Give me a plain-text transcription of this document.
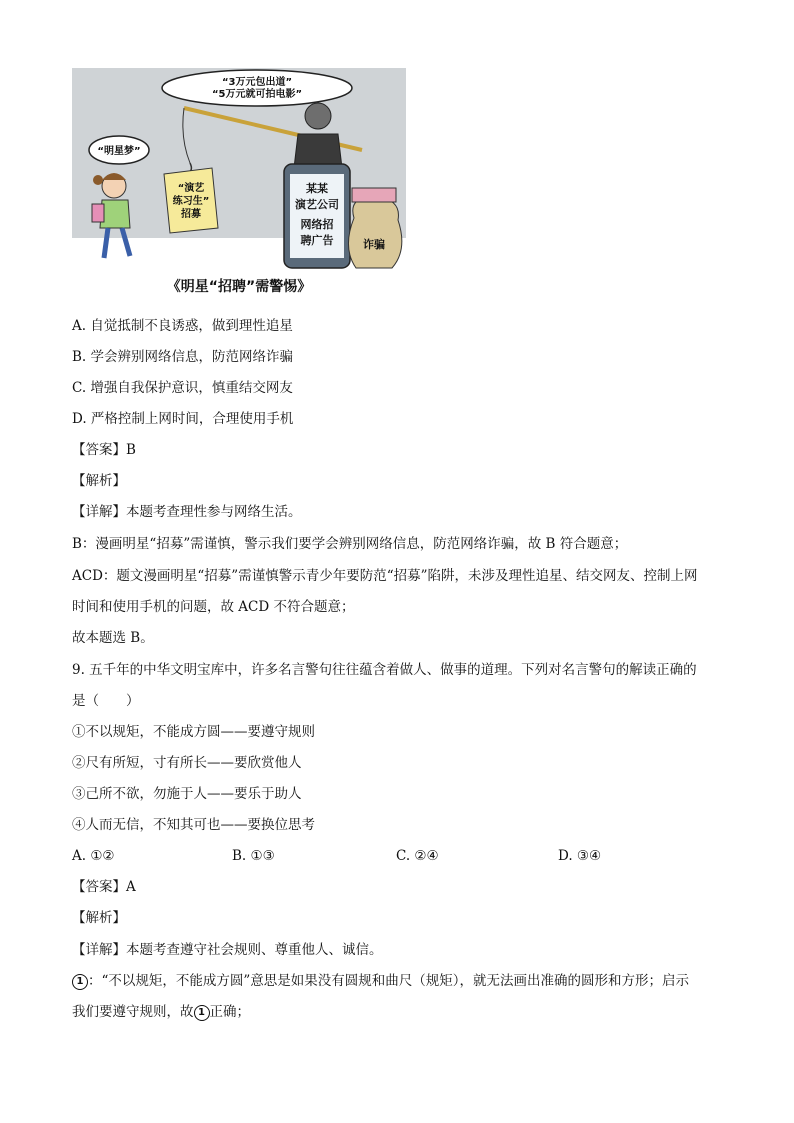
“3万元包出道”
“5万元就可拍电影”
“明星梦”
“演艺
练习生”
招募
某某
演艺公司
网络招
聘广告	诈骗
《明星“招聘”需警惕》
A. 自觉抵制不良诱惑，做到理性追星
B. 学会辨别网络信息，防范网络诈骗
C. 增强自我保护意识，慎重结交网友
D. 严格控制上网时间，合理使用手机
【答案】B
【解析】
【详解】本题考查理性参与网络生活。
B：漫画明星“招募”需谨慎，警示我们要学会辨别网络信息，防范网络诈骗，故 B 符合题意；
ACD：题文漫画明星“招募”需谨慎警示青少年要防范“招募”陷阱，未涉及理性追星、结交网友、控制上网
时间和使用手机的问题，故 ACD 不符合题意；
故本题选 B。
9. 五千年的中华文明宝库中，许多名言警句往往蕴含着做人、做事的道理。下列对名言警句的解读正确的
是（　　）
①不以规矩，不能成方圆——要遵守规则
②尺有所短，寸有所长——要欣赏他人
③己所不欲，勿施于人——要乐于助人
④人而无信，不知其可也——要换位思考
A. ①②	B. ①③	C. ②④	D. ③④
【答案】A
【解析】
【详解】本题考查遵守社会规则、尊重他人、诚信。
1 ：“不以规矩，不能成方圆”意思是如果没有圆规和曲尺（规矩），就无法画出准确的圆形和方形；启示
我们要遵守规则，故 1 正确；
